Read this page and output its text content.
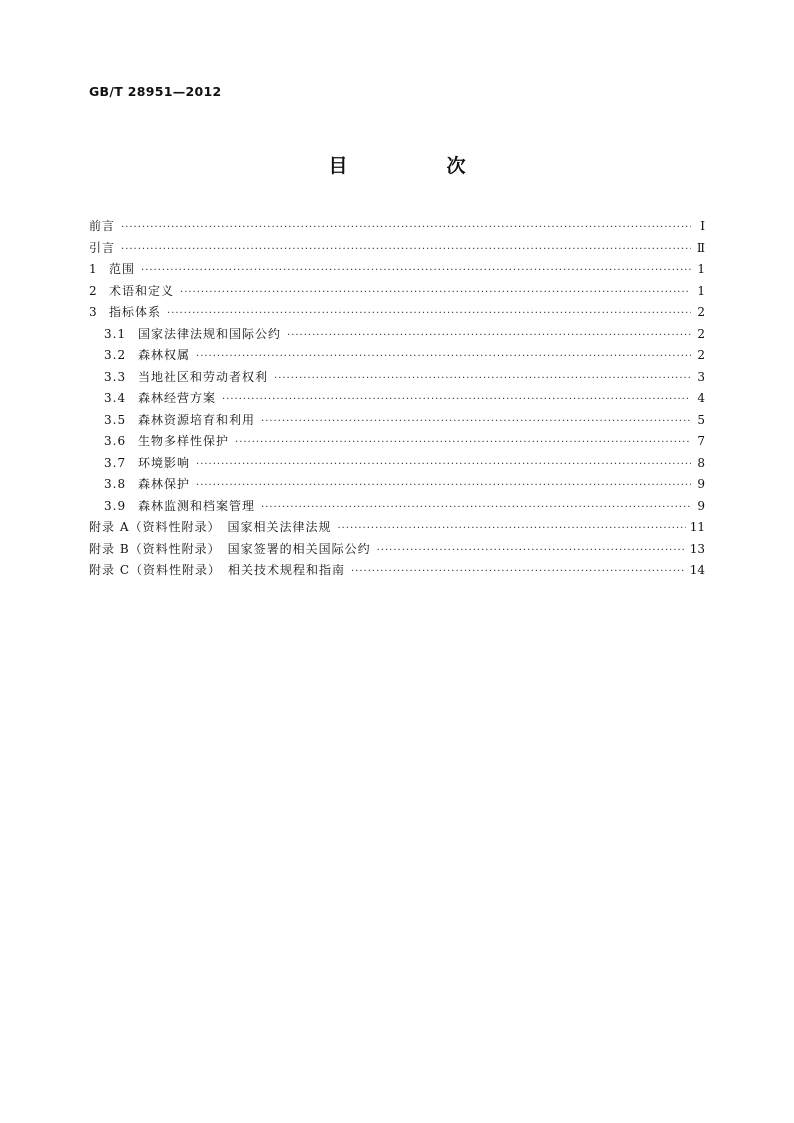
GB/T 28951—2012

目　次
前言 ·····	Ⅰ
引言 ·····	Ⅱ
1	范围 ·····	1
2	术语和定义 ·····	1
3	指标体系 ·····	2
3.1 国家法律法规和国际公约 ·····	2
3.2 森林权属 ·····	2
3.3 当地社区和劳动者权利 ·····	3
3.4 森林经营方案 ·····	4
3.5 森林资源培育和利用 ·····	5
3.6 生物多样性保护 ·····	7
3.7 环境影响 ·····	8
3.8 森林保护 ·····	9
3.9 森林监测和档案管理 ·····	9
附录 A（资料性附录）　国家相关法律法规 ·····	11
附录 B（资料性附录）　国家签署的相关国际公约 ·····	13
附录 C（资料性附录）　相关技术规程和指南 ·····	14
